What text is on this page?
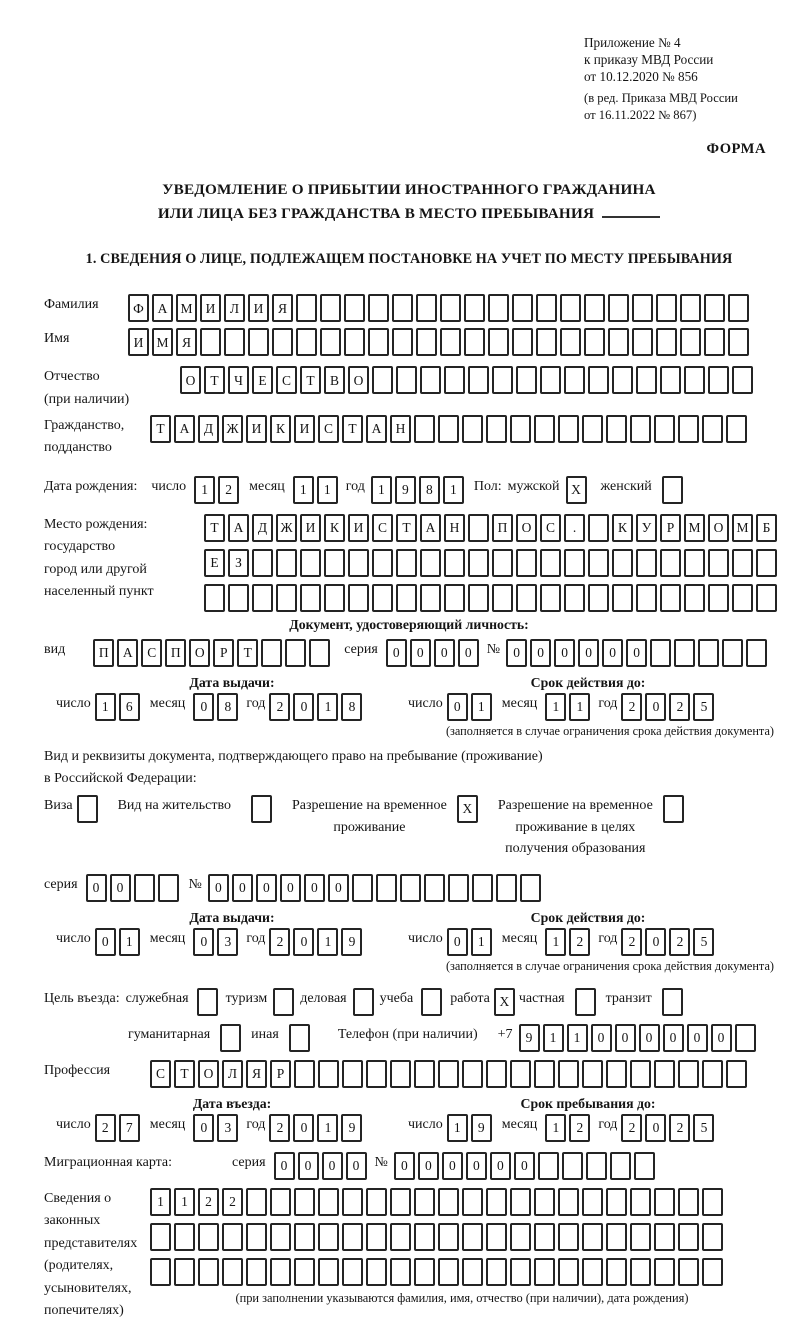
Приложение № 4
к приказу МВД России
от 10.12.2020 № 856
(в ред. Приказа МВД России
от 16.11.2022 № 867)
ФОРМА
УВЕДОМЛЕНИЕ О ПРИБЫТИИ ИНОСТРАННОГО ГРАЖДАНИНА
ИЛИ ЛИЦА БЕЗ ГРАЖДАНСТВА В МЕСТО ПРЕБЫВАНИЯ
1. СВЕДЕНИЯ О ЛИЦЕ, ПОДЛЕЖАЩЕМ ПОСТАНОВКЕ НА УЧЕТ ПО МЕСТУ ПРЕБЫВАНИЯ
Фамилия	Ф	А М И	Л	И	Я
Имя	И М Я
Отчество
(при наличии)
О	Т	Ч	Е	С	Т	В	О
Гражданство,
подданство
Т	А	Д Ж И	К	И	С	Т	А	Н
Дата рождения: число	1	2	месяц	1	1	год 1	9	8	1	Пол: мужской X	женский
Место рождения:
государство
город или другой
населенный пункт
Т	А	Д Ж И	К	И	С	Т	А	Н	П	О	С	.	К	У	Р	М О М	Б
Е	З
Документ, удостоверяющий личность:
вид	П	А	С	П	О	Р	Т	серия	0	0	0	0	№ 0	0	0	0	0	0
Дата выдачи:
число 1	6	месяц	0	8	год 2	0	1	8
Срок действия до:
число 0	1	месяц	1	1	год 2	0	2	5
(заполняется в случае ограничения срока действия документа)
Вид и реквизиты документа, подтверждающего право на пребывание (проживание)
в Российской Федерации:
Виза	Вид на жительство	Разрешение на временное
проживание
X	Разрешение на временное
проживание в целях
получения образования
серия	0	0	№ 0	0	0	0	0	0
Дата выдачи:
число 0	1	месяц	0	3	год 2	0	1	9
Срок действия до:
число 0	1	месяц	1	2	год 2	0	2	5
(заполняется в случае ограничения срока действия документа)
Цель въезда: служебная	туризм деловая учеба	работа X частная	транзит
гуманитарная	иная	Телефон (при наличии) +7 9	1	1	0	0	0	0	0	0
Профессия	С	Т	О	Л	Я	Р
Дата въезда:
число 2	7	месяц	0	3	год 2	0	1	9
Срок пребывания до:
число 1	9	месяц	1	2	год 2	0	2	5
Миграционная карта:	серия	0	0	0	0	№ 0	0	0	0	0	0
Сведения о
законных
представителях
(родителях,
усыновителях,
попечителях)
1	1	2	2
(при заполнении указываются фамилия, имя, отчество (при наличии), дата рождения)
